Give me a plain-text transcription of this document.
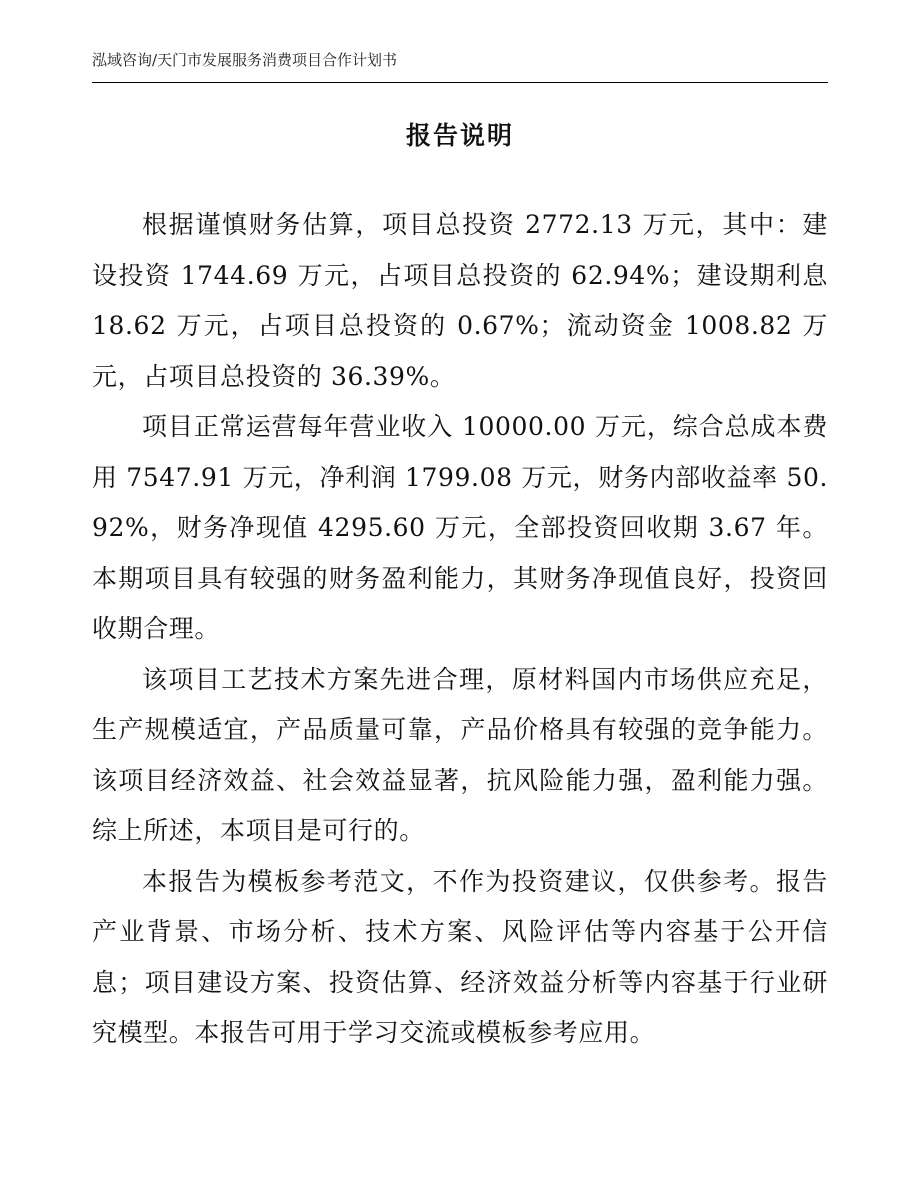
泓域咨询/天门市发展服务消费项目合作计划书
报告说明

根据谨慎财务估算，项目总投资 2772.13 万元，其中：建设投资 1744.69 万元，占项目总投资的 62.94%；建设期利息 18.62 万元，占项目总投资的 0.67%；流动资金 1008.82 万元，占项目总投资的 36.39%。

项目正常运营每年营业收入 10000.00 万元，综合总成本费用 7547.91 万元，净利润 1799.08 万元，财务内部收益率 50.92%，财务净现值 4295.60 万元，全部投资回收期 3.67 年。本期项目具有较强的财务盈利能力，其财务净现值良好，投资回收期合理。

该项目工艺技术方案先进合理，原材料国内市场供应充足，生产规模适宜，产品质量可靠，产品价格具有较强的竞争能力。该项目经济效益、社会效益显著，抗风险能力强，盈利能力强。综上所述，本项目是可行的。

本报告为模板参考范文，不作为投资建议，仅供参考。报告产业背景、市场分析、技术方案、风险评估等内容基于公开信息；项目建设方案、投资估算、经济效益分析等内容基于行业研究模型。本报告可用于学习交流或模板参考应用。
